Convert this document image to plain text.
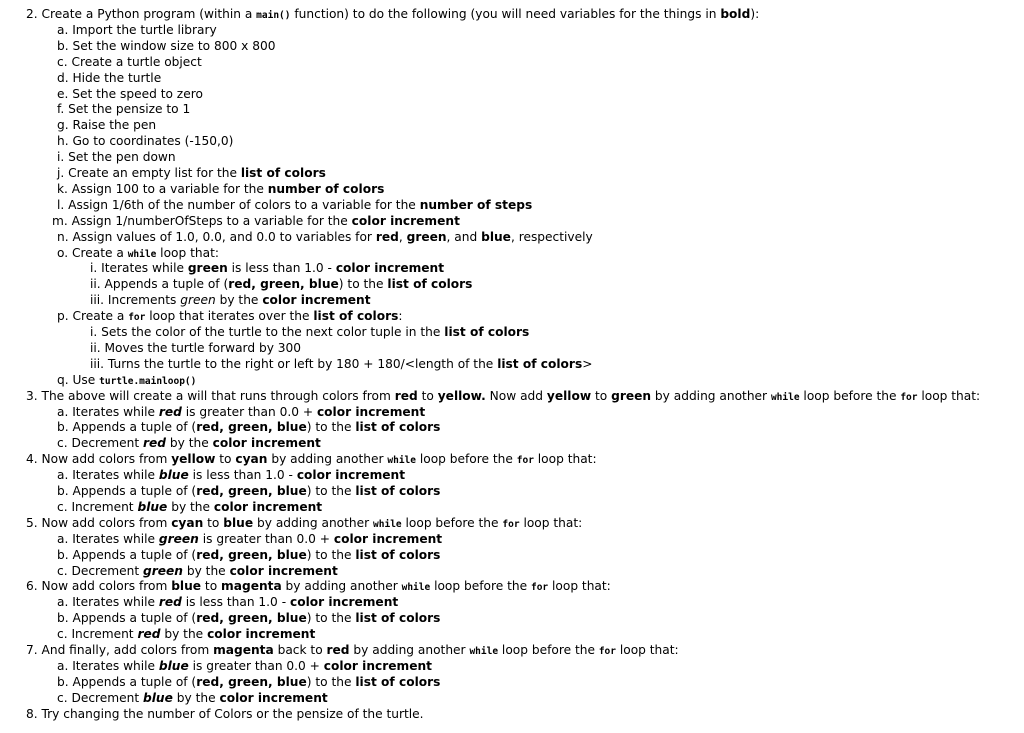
2. Create a Python program (within a main() function) to do the following (you will need variables for the things in bold):
a. Import the turtle library
b. Set the window size to 800 x 800
c. Create a turtle object
d. Hide the turtle
e. Set the speed to zero
f. Set the pensize to 1
g. Raise the pen
h. Go to coordinates (-150,0)
i. Set the pen down
j. Create an empty list for the list of colors
k. Assign 100 to a variable for the number of colors
l. Assign 1/6th of the number of colors to a variable for the number of steps
m. Assign 1/numberOfSteps to a variable for the color increment
n. Assign values of 1.0, 0.0, and 0.0 to variables for red, green, and blue, respectively
o. Create a while loop that:
i. Iterates while green is less than 1.0 - color increment
ii. Appends a tuple of (red, green, blue) to the list of colors
iii. Increments green by the color increment
p. Create a for loop that iterates over the list of colors:
i. Sets the color of the turtle to the next color tuple in the list of colors
ii. Moves the turtle forward by 300
iii. Turns the turtle to the right or left by 180 + 180/<length of the list of colors>
q. Use turtle.mainloop()
3. The above will create a will that runs through colors from red to yellow. Now add yellow to green by adding another while loop before the for loop that:
a. Iterates while red is greater than 0.0 + color increment
b. Appends a tuple of (red, green, blue) to the list of colors
c. Decrement red by the color increment
4. Now add colors from yellow to cyan by adding another while loop before the for loop that:
a. Iterates while blue is less than 1.0 - color increment
b. Appends a tuple of (red, green, blue) to the list of colors
c. Increment blue by the color increment
5. Now add colors from cyan to blue by adding another while loop before the for loop that:
a. Iterates while green is greater than 0.0 + color increment
b. Appends a tuple of (red, green, blue) to the list of colors
c. Decrement green by the color increment
6. Now add colors from blue to magenta by adding another while loop before the for loop that:
a. Iterates while red is less than 1.0 - color increment
b. Appends a tuple of (red, green, blue) to the list of colors
c. Increment red by the color increment
7. And finally, add colors from magenta back to red by adding another while loop before the for loop that:
a. Iterates while blue is greater than 0.0 + color increment
b. Appends a tuple of (red, green, blue) to the list of colors
c. Decrement blue by the color increment
8. Try changing the number of Colors or the pensize of the turtle.
